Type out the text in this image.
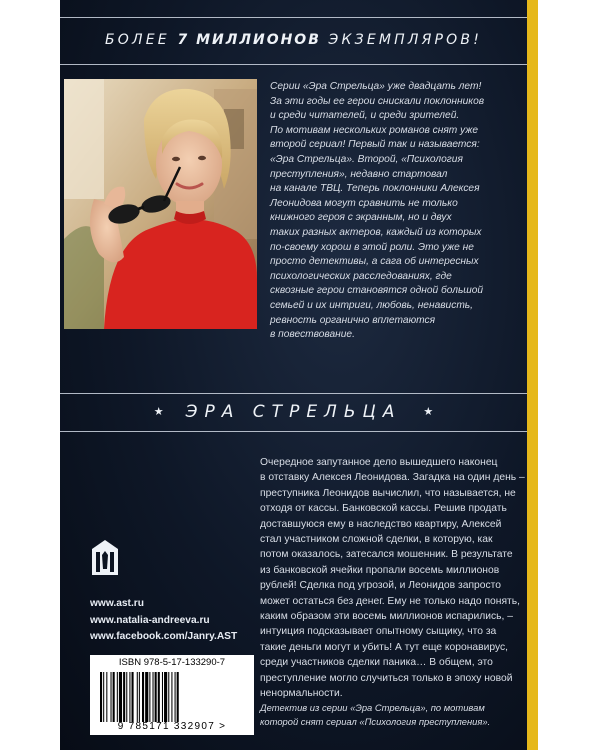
БОЛЕЕ 7 МИЛЛИОНОВ ЭКЗЕМПЛЯРОВ!
Серии «Эра Стрельца» уже двадцать лет!
За эти годы ее герои снискали поклонников
и среди читателей, и среди зрителей.
По мотивам нескольких романов снят уже
второй сериал! Первый так и называется:
«Эра Стрельца». Второй, «Психология
преступления», недавно стартовал
на канале ТВЦ. Теперь поклонники Алексея
Леонидова могут сравнить не только
книжного героя с экранным, но и двух
таких разных актеров, каждый из которых
по-своему хорош в этой роли. Это уже не
просто детективы, а сага об интересных
психологических расследованиях, где
сквозные герои становятся одной большой
семьей и их интриги, любовь, ненависть,
ревность органично вплетаются
в повествование.
★ ЭРА СТРЕЛЬЦА ★
Очередное запутанное дело вышедшего наконец
в отставку Алексея Леонидова. Загадка на один день –
преступника Леонидов вычислил, что называется, не
отходя от кассы. Банковской кассы. Решив продать
доставшуюся ему в наследство квартиру, Алексей
стал участником сложной сделки, в которую, как
потом оказалось, затесался мошенник. В результате
из банковской ячейки пропали восемь миллионов
рублей! Сделка под угрозой, и Леонидов запросто
может остаться без денег. Ему не только надо понять,
каким образом эти восемь миллионов испарились, –
интуиция подсказывает опытному сыщику, что за
такие деньги могут и убить! А тут еще коронавирус,
среди участников сделки паника… В общем, это
преступление могло случиться только в эпоху новой
ненормальности.
www.ast.ru
www.natalia-andreeva.ru
www.facebook.com/Janry.AST
ISBN 978-5-17-133290-7
9 785171 332907 >
Детектив из серии «Эра Стрельца», по мотивам
которой снят сериал «Психология преступления».
